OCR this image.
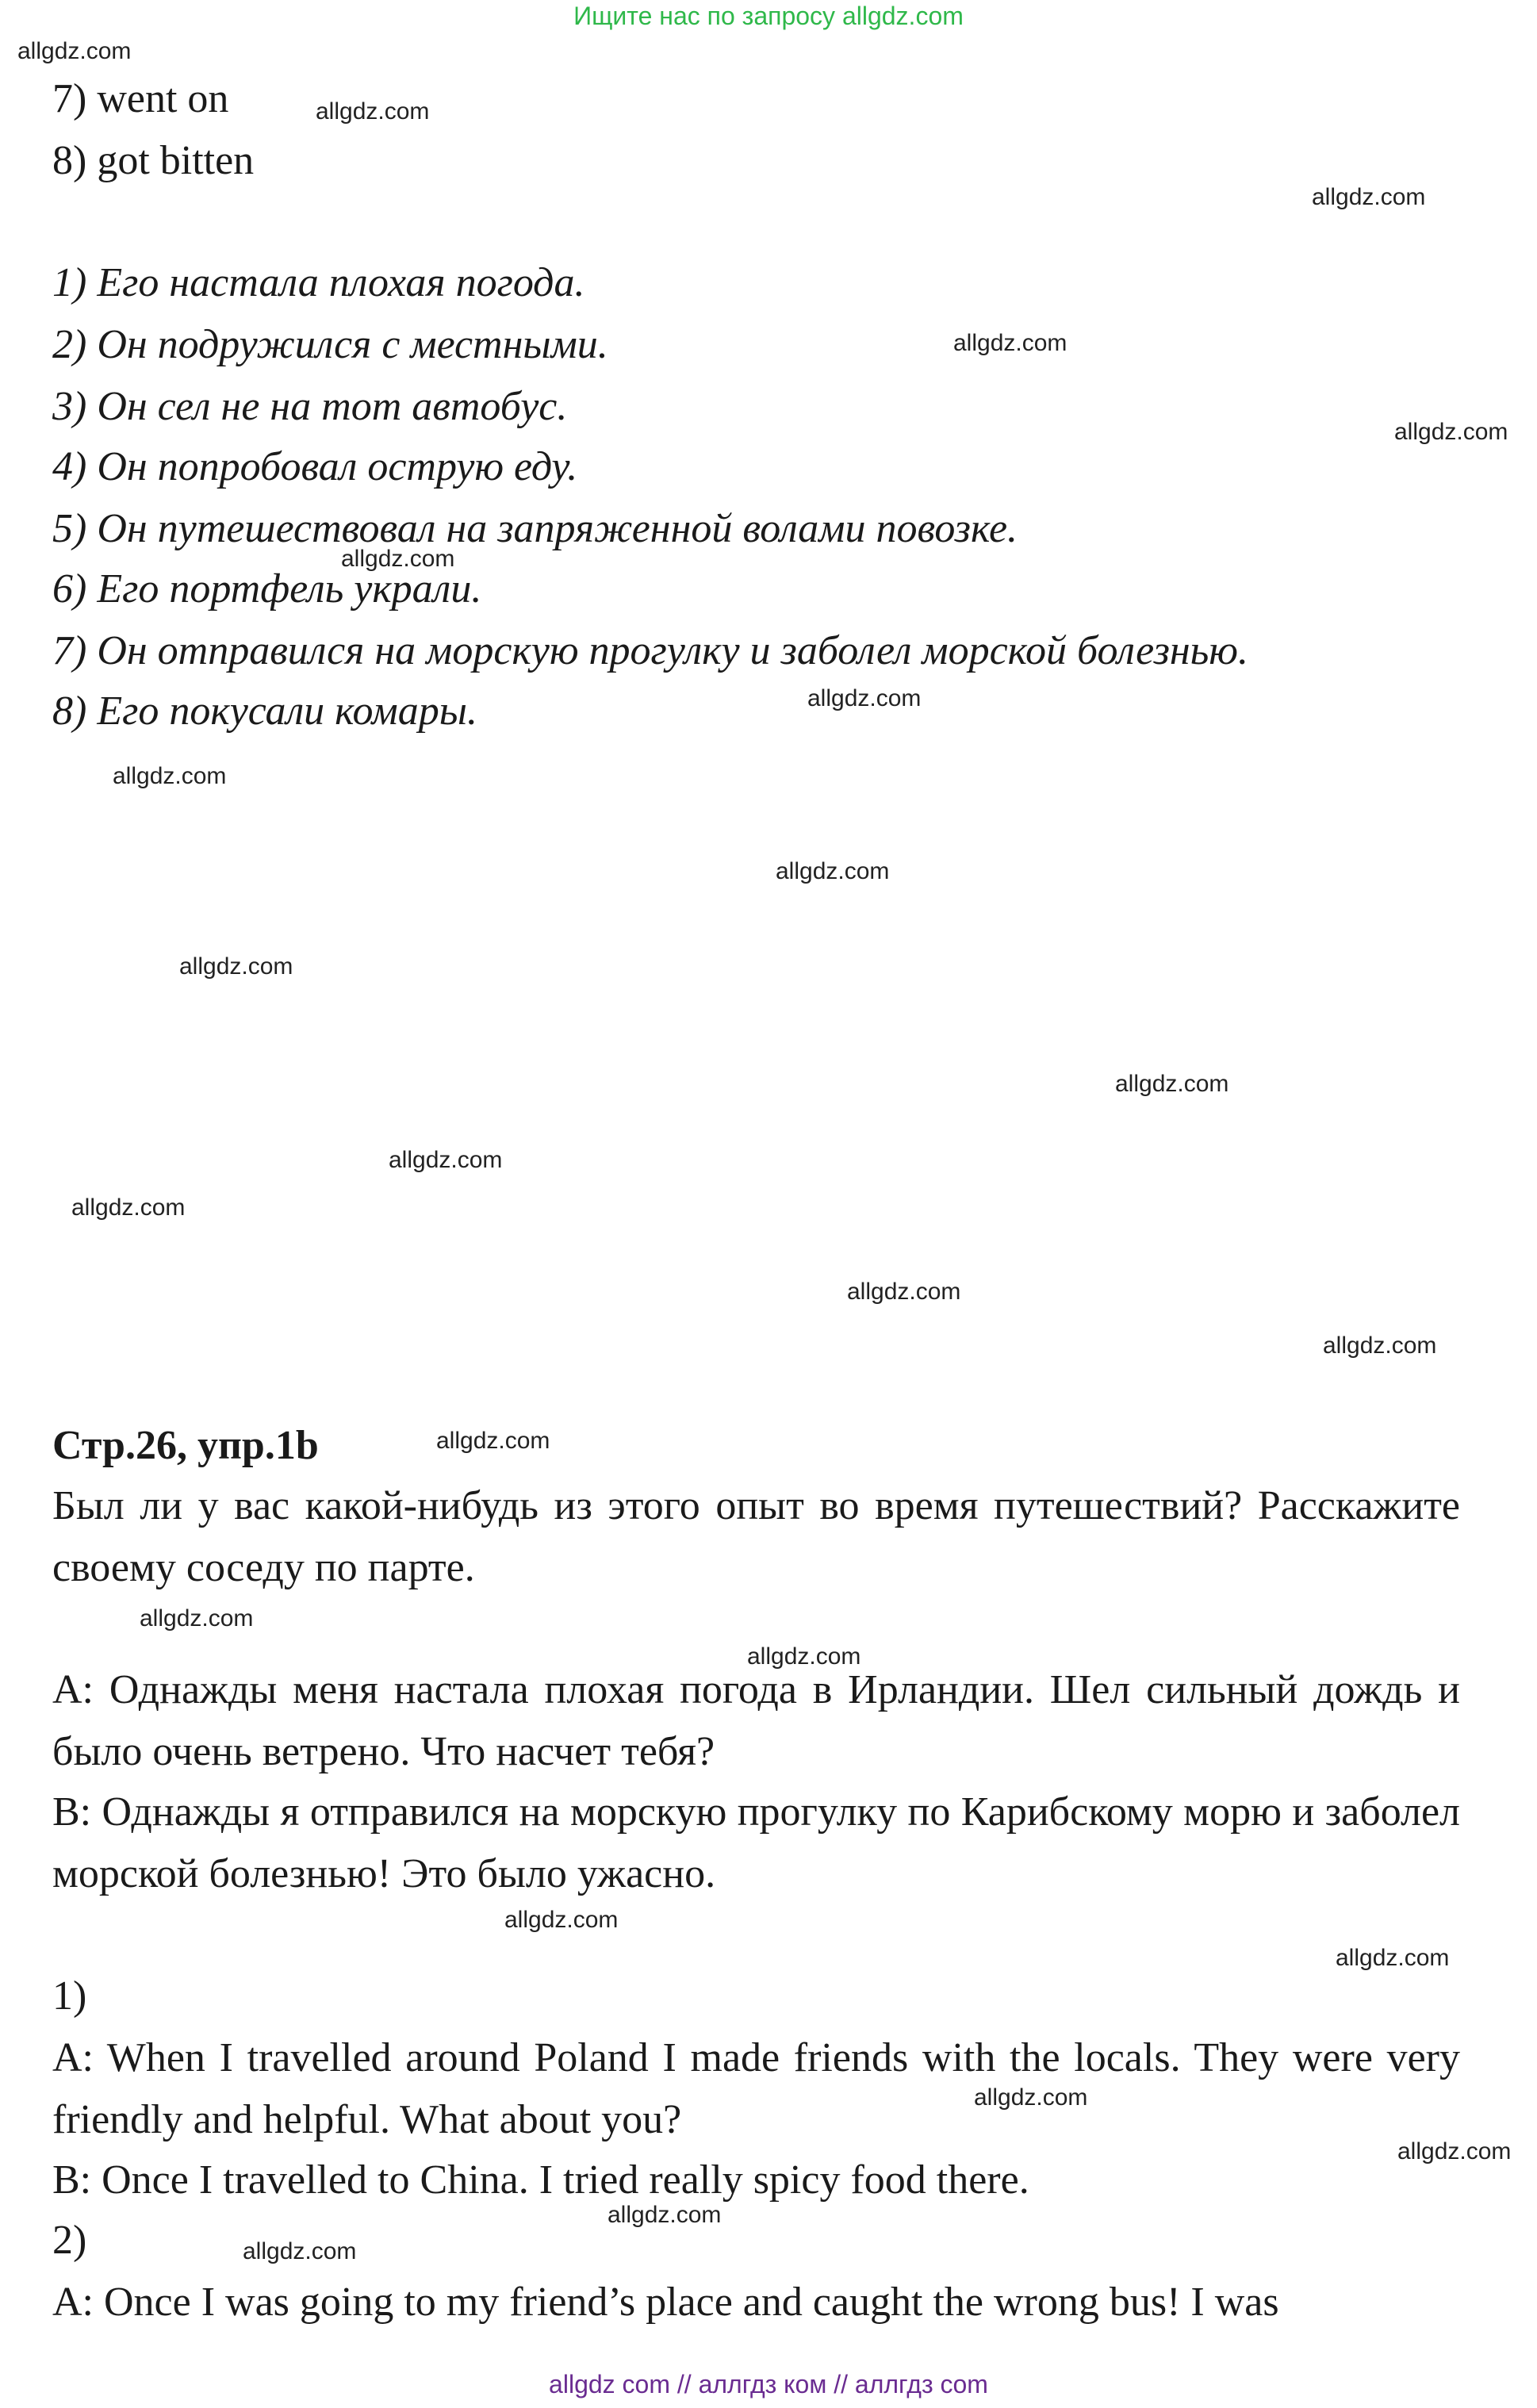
Ищите нас по запросу allgdz.com
allgdz.com
allgdz.com
allgdz.com
allgdz.com
allgdz.com
allgdz.com
allgdz.com
allgdz.com
allgdz.com
allgdz.com
allgdz.com
allgdz.com
allgdz.com
allgdz.com
allgdz.com
allgdz.com
allgdz.com
allgdz.com
allgdz.com
allgdz.com
allgdz.com
allgdz.com
allgdz.com
allgdz.com
7) went on
8) got bitten
1) Его настала плохая погода.
2) Он подружился с местными.
3) Он сел не на тот автобус.
4) Он попробовал острую еду.
5) Он путешествовал на запряженной волами повозке.
6) Его портфель украли.
7) Он отправился на морскую прогулку и заболел морской болезнью.
8) Его покусали комары.
Стр.26, упр.1b
Был ли у вас какой-нибудь из этого опыт во время путешествий? Расскажите своему соседу по парте.
A: Однажды меня настала плохая погода в Ирландии. Шел сильный дождь и было очень ветрено. Что насчет тебя?
B: Однажды я отправился на морскую прогулку по Карибскому морю и заболел морской болезнью! Это было ужасно.
1)
A: When I travelled around Poland I made friends with the locals. They were very friendly and helpful. What about you?
B: Once I travelled to China. I tried really spicy food there.
2)
A: Once I was going to my friend’s place and caught the wrong bus! I was
allgdz com // аллгдз ком // аллгдз com
